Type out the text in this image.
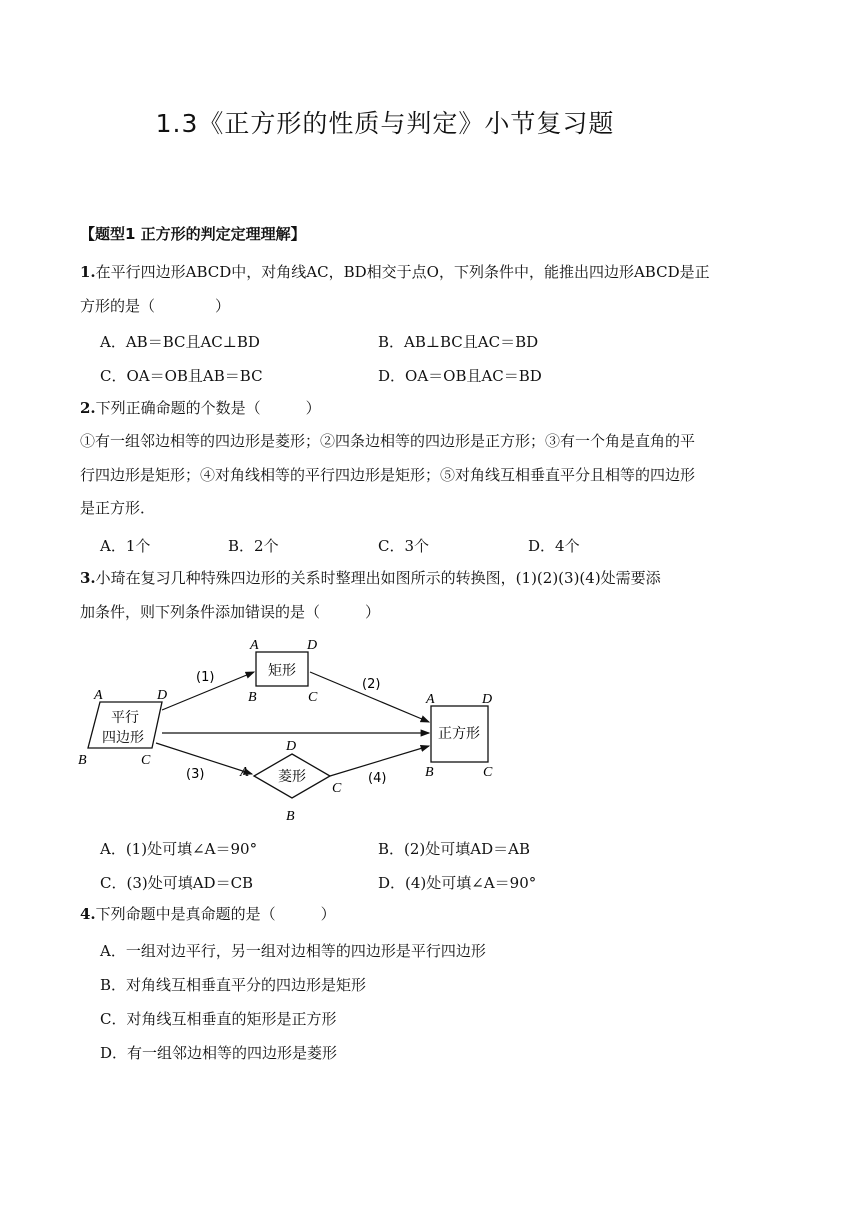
1.3《正方形的性质与判定》小节复习题
【题型1 正方形的判定定理理解】
1.在平行四边形ABCD中，对角线AC，BD相交于点O，下列条件中，能推出四边形ABCD是正
方形的是（　　　　）
A．AB＝BC且AC⊥BD	B．AB⊥BC且AC＝BD
C．OA＝OB且AB＝BC	D．OA＝OB且AC＝BD
2.下列正确命题的个数是（　　　）
①有一组邻边相等的四边形是菱形；②四条边相等的四边形是正方形；③有一个角是直角的平
行四边形是矩形；④对角线相等的平行四边形是矩形；⑤对角线互相垂直平分且相等的四边形
是正方形．
A．1个	B．2个	C．3个	D．4个
3.小琦在复习几种特殊四边形的关系时整理出如图所示的转换图，(1)(2)(3)(4)处需要添
加条件，则下列条件添加错误的是（　　　）
平行
四边形
A	D
B	C
矩形
A	D
B	C
菱形
D
A
C
B
正方形
A	D
B	C
(1)	(2)
(3)	(4)
A．(1)处可填∠A＝90°	B．(2)处可填AD＝AB
C．(3)处可填AD＝CB	D．(4)处可填∠A＝90°
4.下列命题中是真命题的是（　　　）
A．一组对边平行，另一组对边相等的四边形是平行四边形
B．对角线互相垂直平分的四边形是矩形
C．对角线互相垂直的矩形是正方形
D．有一组邻边相等的四边形是菱形
